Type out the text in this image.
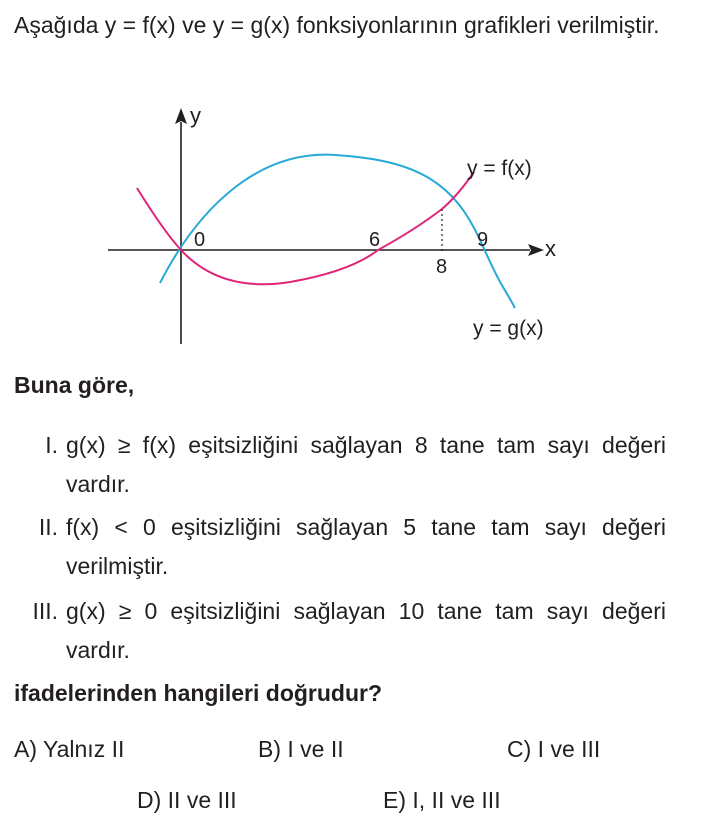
Aşağıda y = f(x) ve y = g(x) fonksiyonlarının grafikleri verilmiştir.
y
x
0	6
8
9
y = f(x)
y = g(x)
Buna göre,
I. g(x) ≥ f(x) eşitsizliğini sağlayan 8 tane tam sayı değeri vardır.
II. f(x) < 0 eşitsizliğini sağlayan 5 tane tam sayı değeri verilmiştir.
III. g(x) ≥ 0 eşitsizliğini sağlayan 10 tane tam sayı değeri vardır.
ifadelerinden hangileri doğrudur?
A) Yalnız II	B) I ve II	C) I ve III
D) II ve III	E) I, II ve III
